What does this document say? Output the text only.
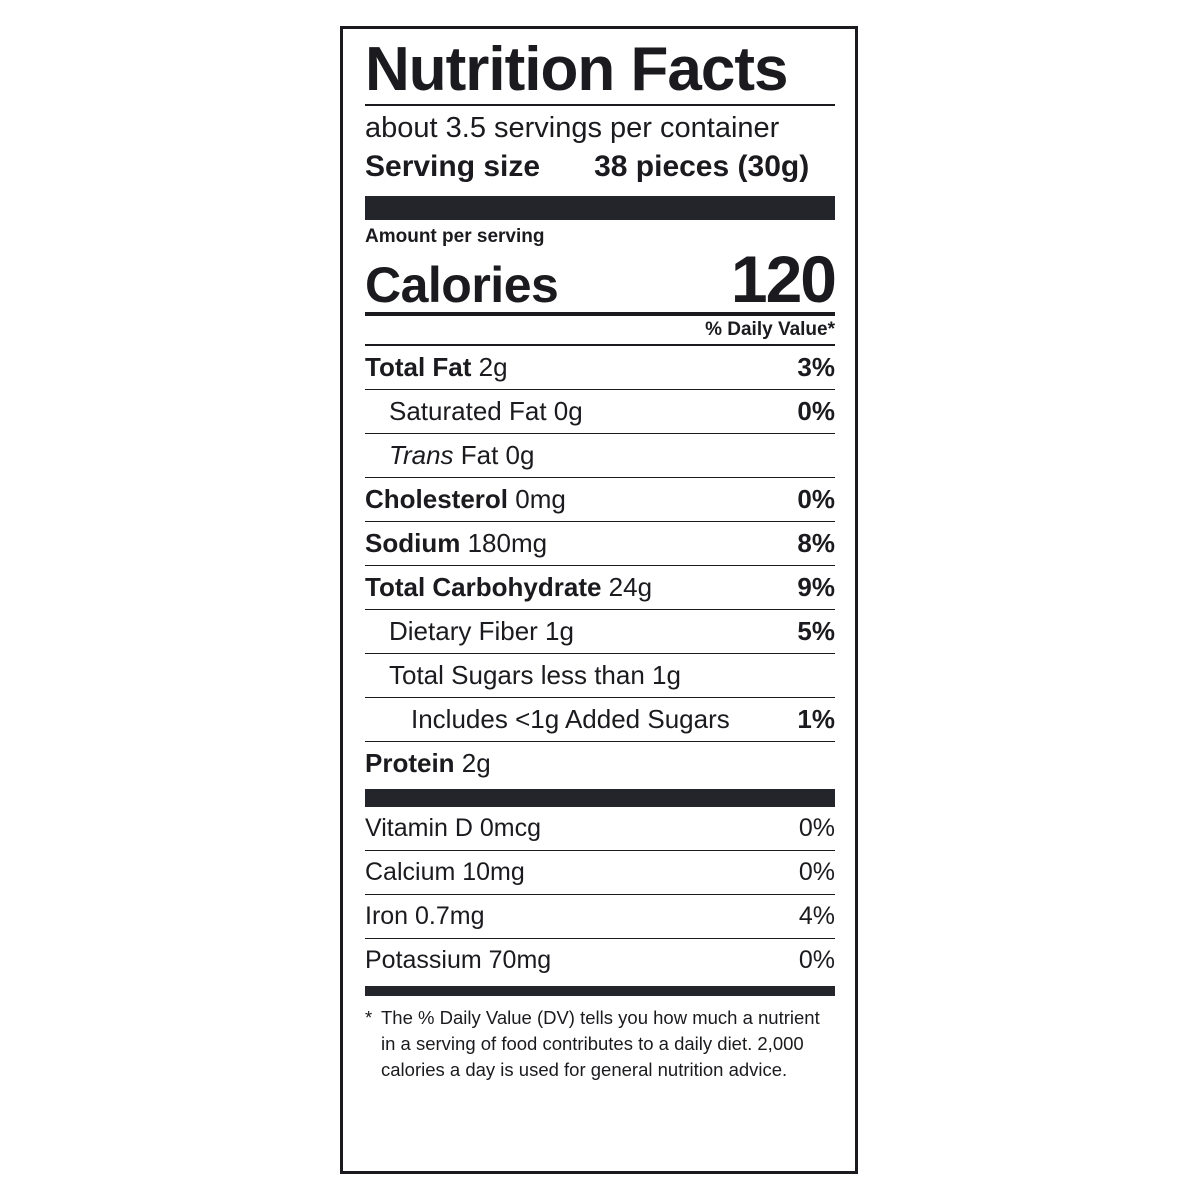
Nutrition Facts
about 3.5 servings per container
Serving size 38 pieces (30g)
Amount per serving
Calories	120
% Daily Value*
Total Fat 2g	3%
Saturated Fat 0g	0%
Trans Fat 0g
Cholesterol 0mg	0%
Sodium 180mg	8%
Total Carbohydrate 24g	9%
Dietary Fiber 1g	5%
Total Sugars less than 1g
Includes <1g Added Sugars	1%
Protein 2g
Vitamin D 0mcg	0%
Calcium 10mg	0%
Iron 0.7mg	4%
Potassium 70mg	0%
* The % Daily Value (DV) tells you how much a nutrient in a serving of food contributes to a daily diet. 2,000 calories a day is used for general nutrition advice.
